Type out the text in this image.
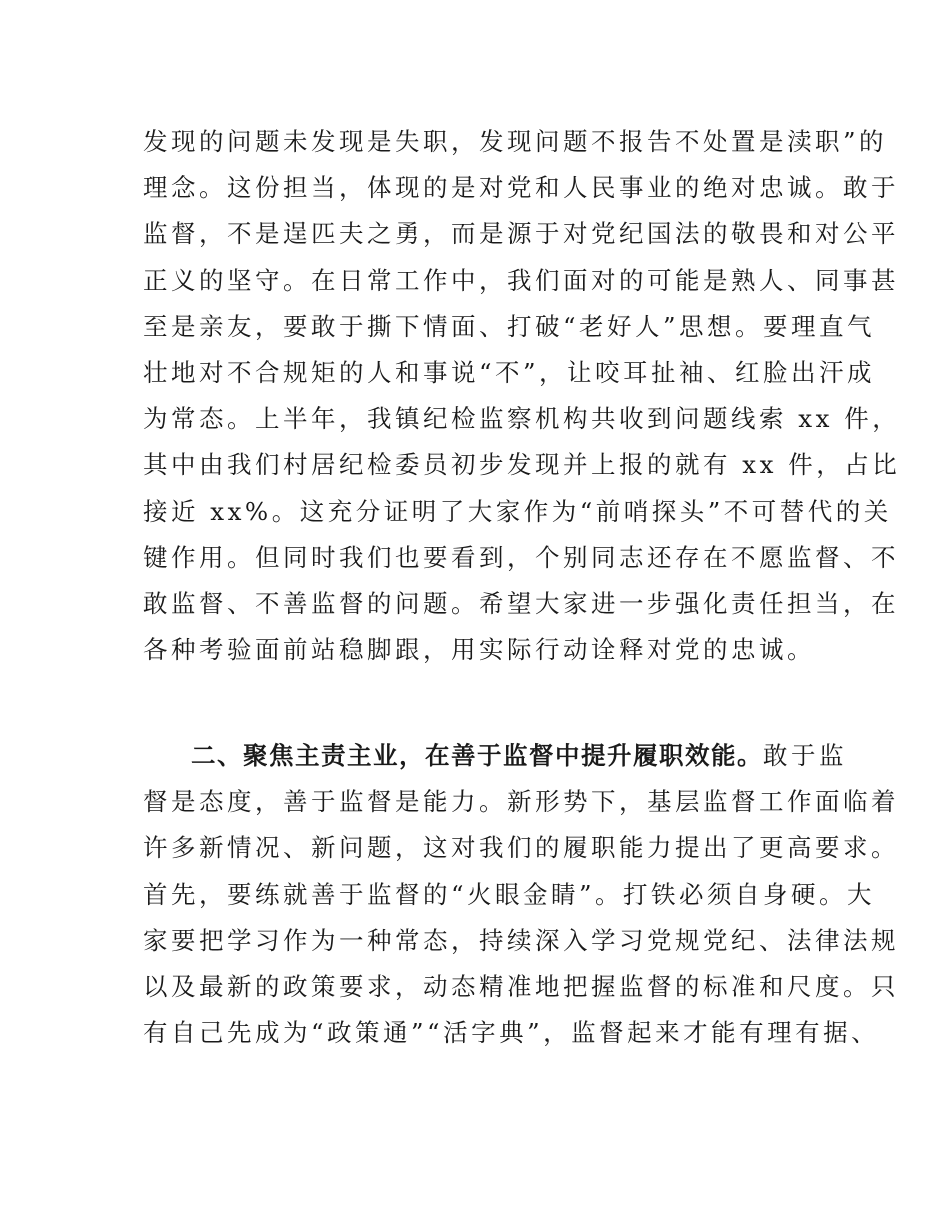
发现的问题未发现是失职，发现问题不报告不处置是渎职”的
理念。这份担当，体现的是对党和人民事业的绝对忠诚。敢于
监督，不是逞匹夫之勇，而是源于对党纪国法的敬畏和对公平
正义的坚守。在日常工作中，我们面对的可能是熟人、同事甚
至是亲友，要敢于撕下情面、打破“老好人”思想。要理直气
壮地对不合规矩的人和事说“不”，让咬耳扯袖、红脸出汗成
为常态。上半年，我镇纪检监察机构共收到问题线索 xx 件，
其中由我们村居纪检委员初步发现并上报的就有 xx 件，占比
接近 xx%。这充分证明了大家作为“前哨探头”不可替代的关
键作用。但同时我们也要看到，个别同志还存在不愿监督、不
敢监督、不善监督的问题。希望大家进一步强化责任担当，在
各种考验面前站稳脚跟，用实际行动诠释对党的忠诚。
二、聚焦主责主业，在善于监督中提升履职效能。敢于监
督是态度，善于监督是能力。新形势下，基层监督工作面临着
许多新情况、新问题，这对我们的履职能力提出了更高要求。
首先，要练就善于监督的“火眼金睛”。打铁必须自身硬。大
家要把学习作为一种常态，持续深入学习党规党纪、法律法规
以及最新的政策要求，动态精准地把握监督的标准和尺度。只
有自己先成为“政策通”“活字典”，监督起来才能有理有据、
